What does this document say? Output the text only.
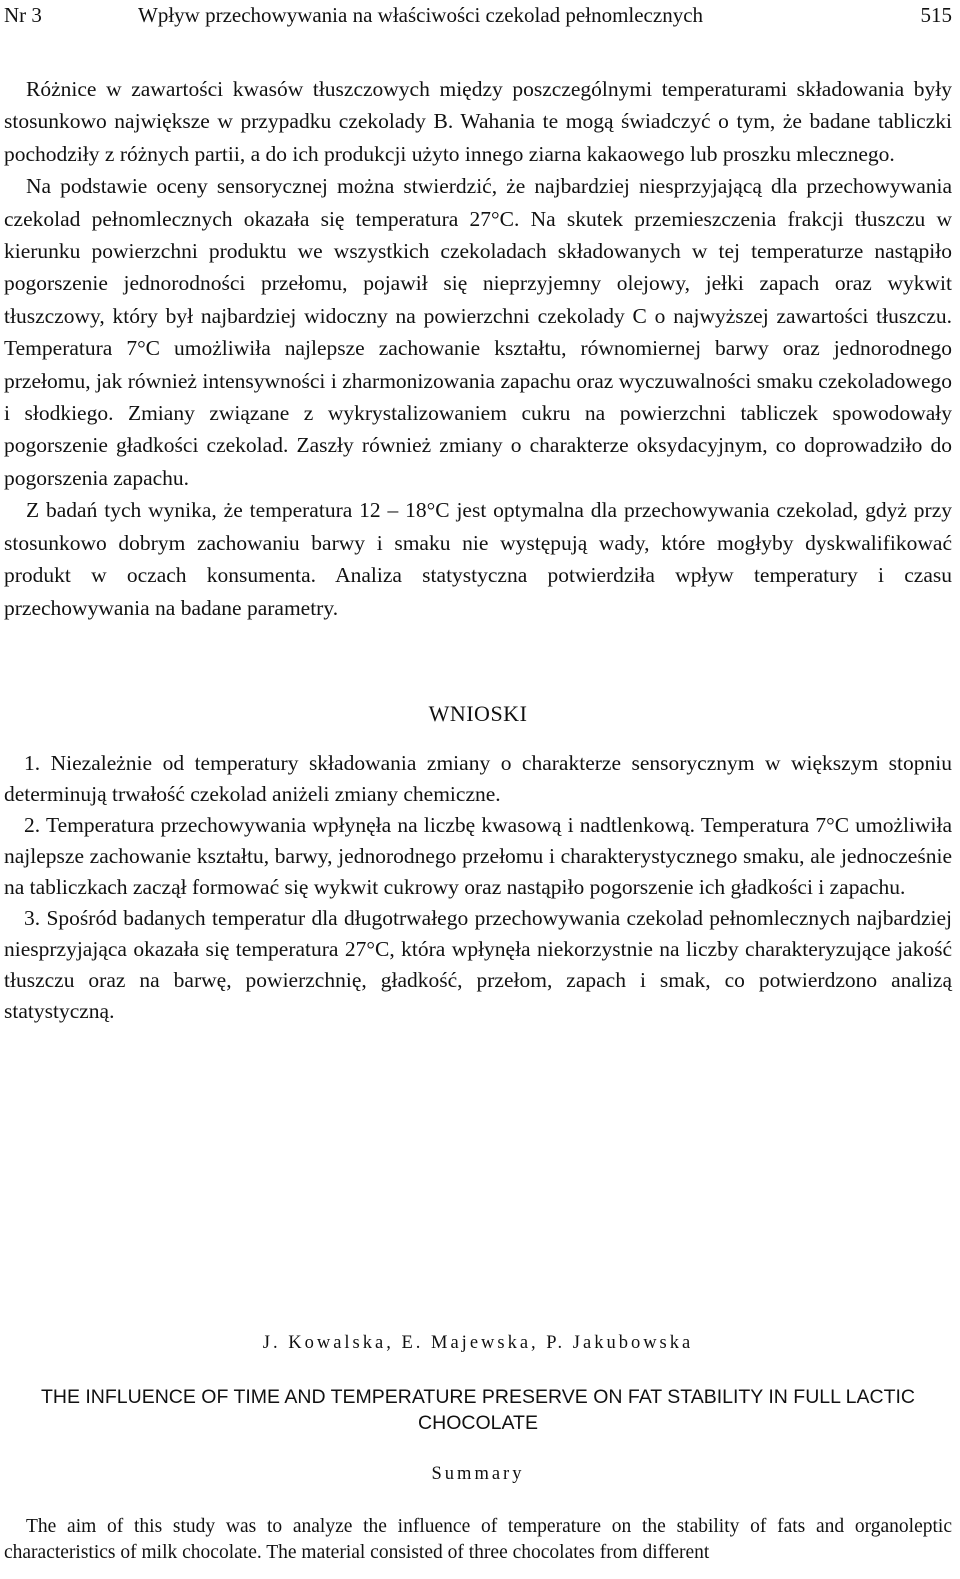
Nr 3	Wpływ przechowywania na właściwości czekolad pełnomlecznych	515

Różnice w zawartości kwasów tłuszczowych między poszczególnymi temperaturami składowania były stosunkowo największe w przypadku czekolady B. Wahania te mogą świadczyć o tym, że badane tabliczki pochodziły z różnych partii, a do ich produkcji użyto innego ziarna kakaowego lub proszku mlecznego.

Na podstawie oceny sensorycznej można stwierdzić, że najbardziej niesprzyjającą dla przechowywania czekolad pełnomlecznych okazała się temperatura 27°C. Na skutek przemieszczenia frakcji tłuszczu w kierunku powierzchni produktu we wszystkich czekoladach składowanych w tej temperaturze nastąpiło pogorszenie jednorodności przełomu, pojawił się nieprzyjemny olejowy, jełki zapach oraz wykwit tłuszczowy, który był najbardziej widoczny na powierzchni czekolady C o najwyższej zawartości tłuszczu. Temperatura 7°C umożliwiła najlepsze zachowanie kształtu, równomiernej barwy oraz jednorodnego przełomu, jak również intensywności i zharmonizowania zapachu oraz wyczuwalności smaku czekoladowego i słodkiego. Zmiany związane z wykrystalizowaniem cukru na powierzchni tabliczek spowodowały pogorszenie gładkości czekolad. Zaszły również zmiany o charakterze oksydacyjnym, co doprowadziło do pogorszenia zapachu.

Z badań tych wynika, że temperatura 12 – 18°C jest optymalna dla przechowywania czekolad, gdyż przy stosunkowo dobrym zachowaniu barwy i smaku nie występują wady, które mogłyby dyskwalifikować produkt w oczach konsumenta. Analiza statystyczna potwierdziła wpływ temperatury i czasu przechowywania na badane parametry.

WNIOSKI

1. Niezależnie od temperatury składowania zmiany o charakterze sensorycznym w większym stopniu determinują trwałość czekolad aniżeli zmiany chemiczne.

2. Temperatura przechowywania wpłynęła na liczbę kwasową i nadtlenkową. Temperatura 7°C umożliwiła najlepsze zachowanie kształtu, barwy, jednorodnego przełomu i charakterystycznego smaku, ale jednocześnie na tabliczkach zaczął formować się wykwit cukrowy oraz nastąpiło pogorszenie ich gładkości i zapachu.

3. Spośród badanych temperatur dla długotrwałego przechowywania czekolad pełnomlecznych najbardziej niesprzyjająca okazała się temperatura 27°C, która wpłynęła niekorzystnie na liczby charakteryzujące jakość tłuszczu oraz na barwę, powierzchnię, gładkość, przełom, zapach i smak, co potwierdzono analizą statystyczną.

J. Kowalska, E. Majewska, P. Jakubowska
THE INFLUENCE OF TIME AND TEMPERATURE PRESERVE ON FAT STABILITY IN FULL LACTIC CHOCOLATE
Summary

The aim of this study was to analyze the influence of temperature on the stability of fats and organoleptic characteristics of milk chocolate. The material consisted of three chocolates from different
